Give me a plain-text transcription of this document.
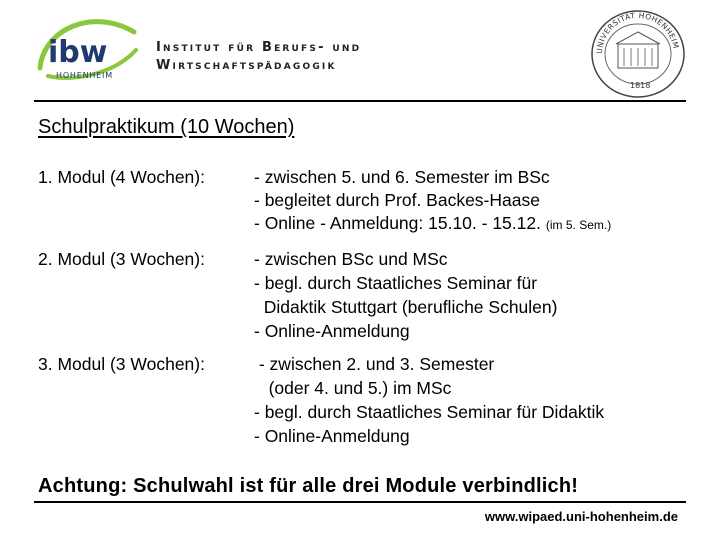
ibw
HOHENHEIM
Institut für Berufs- und
Wirtschaftspädagogik
UNIVERSITÄT HOHENHEIM
1818
Schulpraktikum (10 Wochen)
1. Modul (4 Wochen):	- zwischen 5. und 6. Semester im BSc
- begleitet durch Prof. Backes-Haase
- Online - Anmeldung: 15.10. - 15.12. (im 5. Sem.)
2. Modul (3 Wochen):	- zwischen BSc und MSc
- begl. durch Staatliches Seminar für
Didaktik Stuttgart (berufliche Schulen)
- Online-Anmeldung
3. Modul (3 Wochen):	- zwischen 2. und 3. Semester
(oder 4. und 5.) im MSc
- begl. durch Staatliches Seminar für Didaktik
- Online-Anmeldung
Achtung: Schulwahl ist für alle drei Module verbindlich!
www.wipaed.uni-hohenheim.de
